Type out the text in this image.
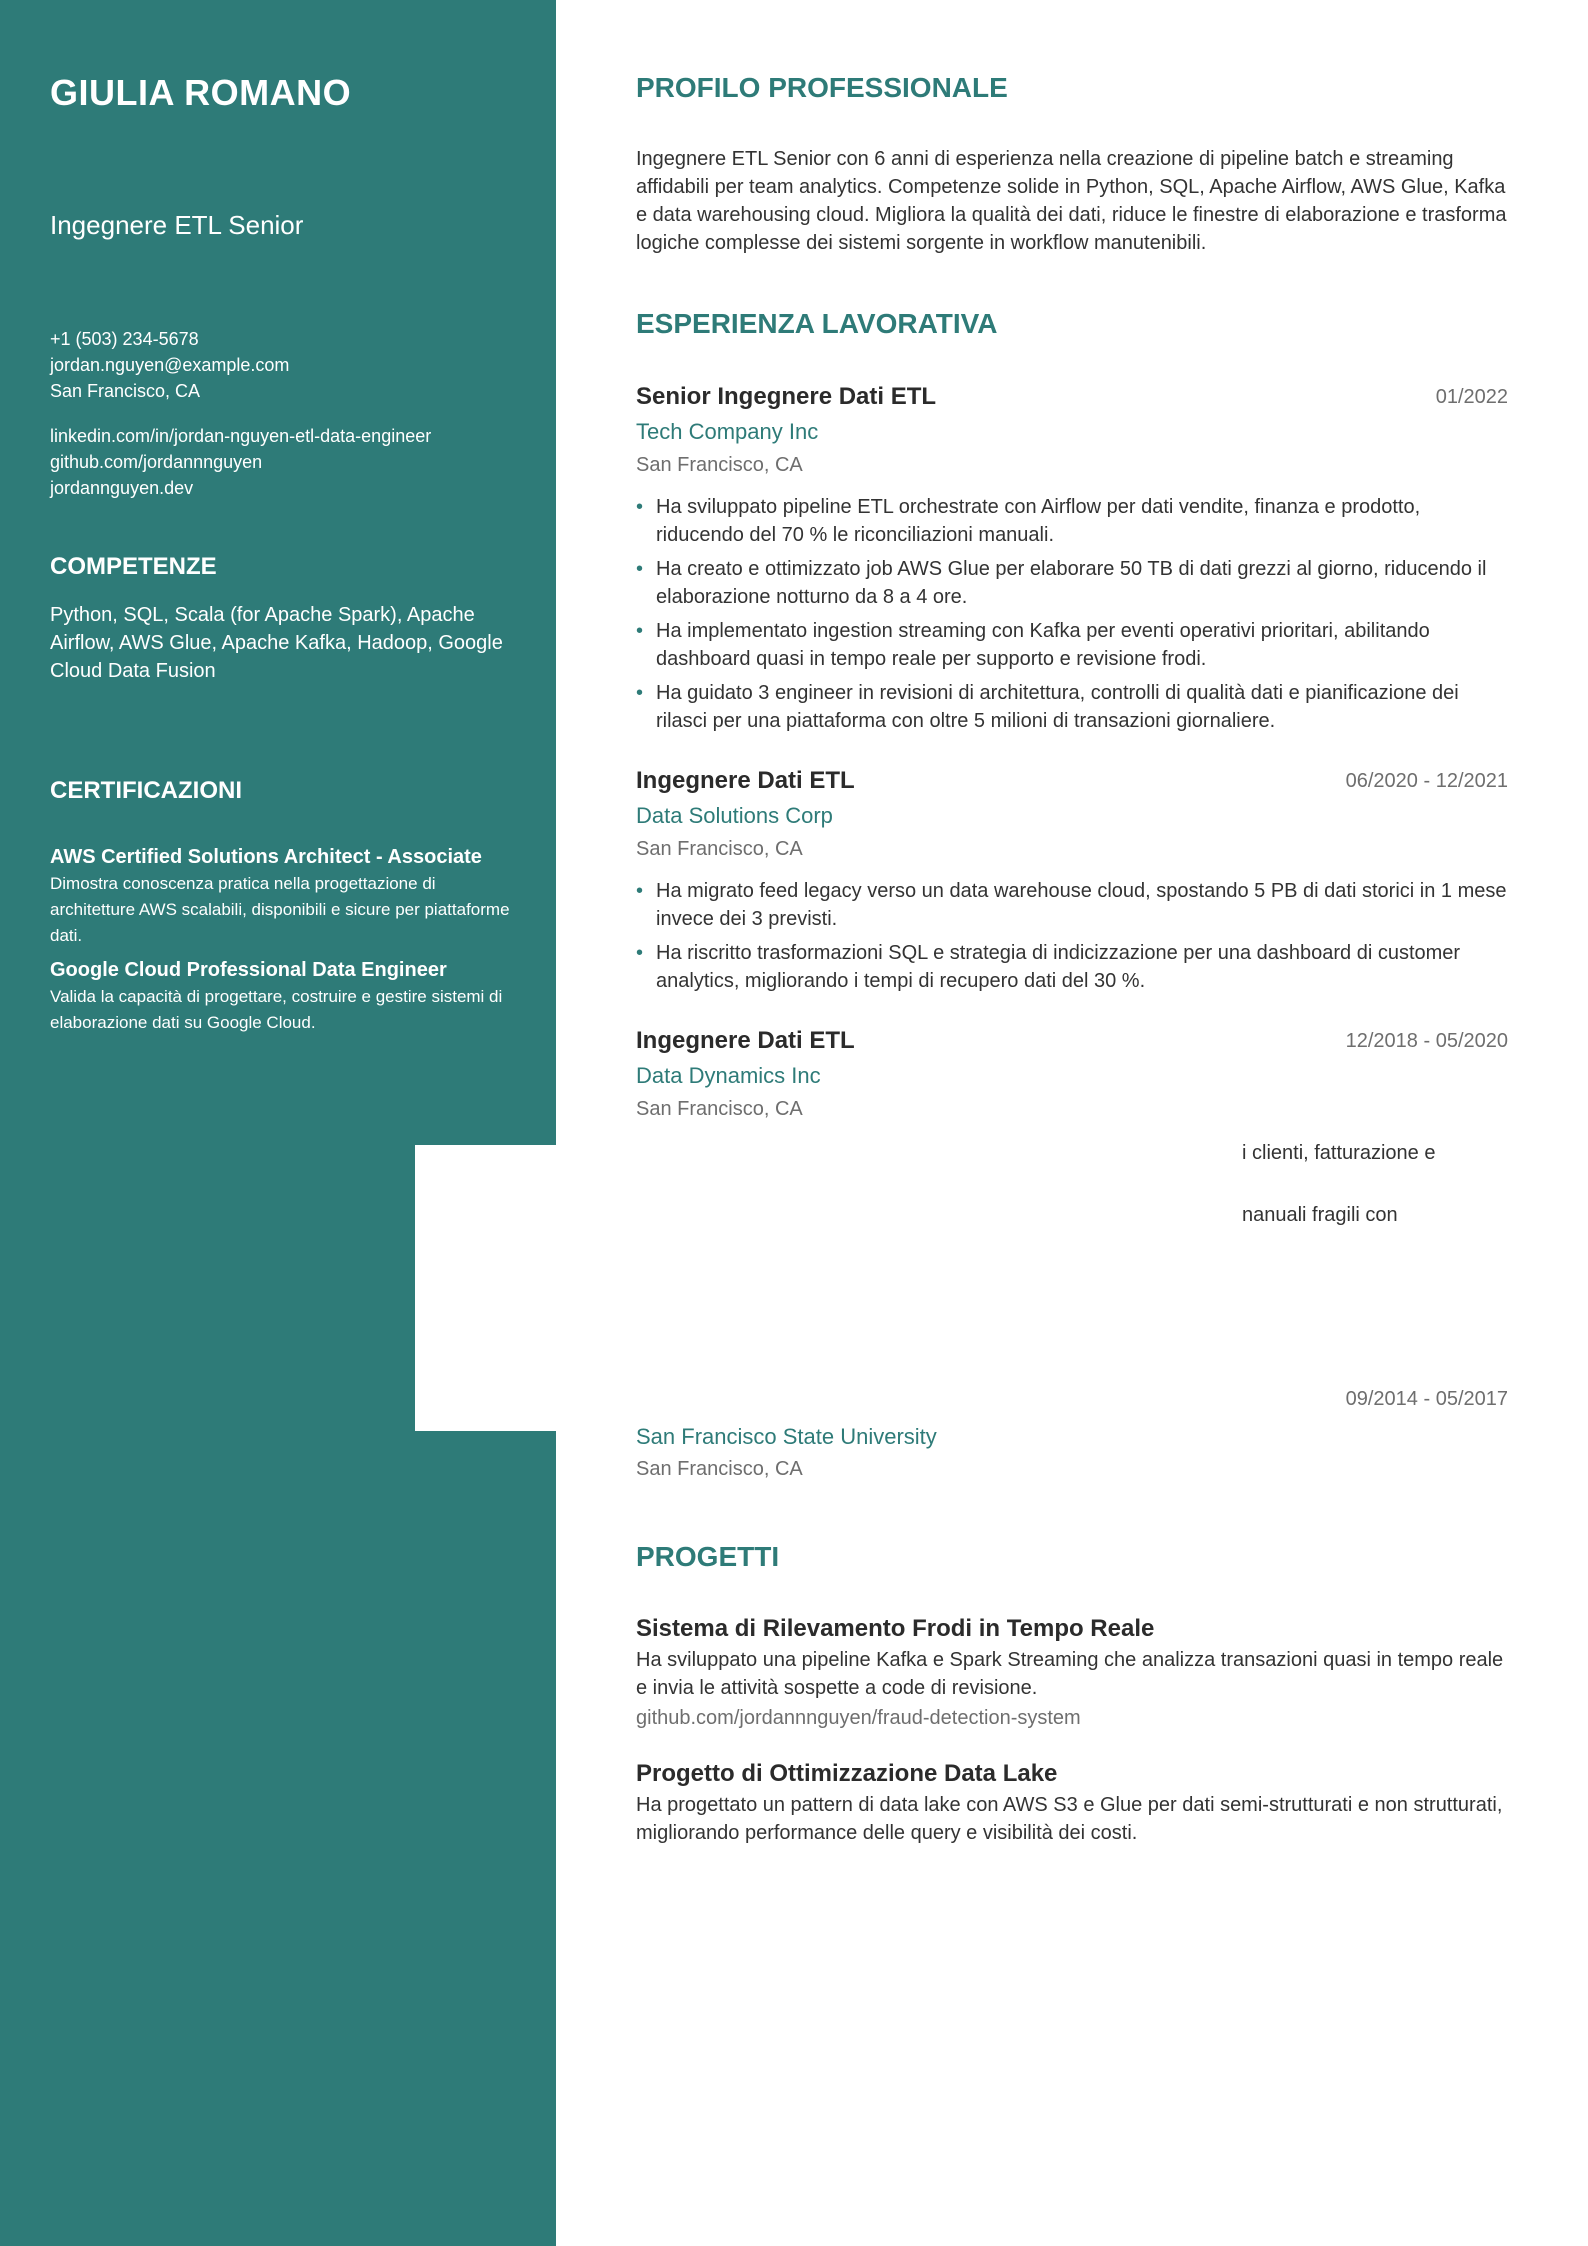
GIULIA ROMANO
Ingegnere ETL Senior
+1 (503) 234-5678
jordan.nguyen@example.com
San Francisco, CA
linkedin.com/in/jordan-nguyen-etl-data-engineer
github.com/jordannnguyen
jordannguyen.dev
COMPETENZE
Python, SQL, Scala (for Apache Spark), Apache Airflow, AWS Glue, Apache Kafka, Hadoop, Google Cloud Data Fusion
CERTIFICAZIONI
AWS Certified Solutions Architect - Associate
Dimostra conoscenza pratica nella progettazione di architetture AWS scalabili, disponibili e sicure per piattaforme dati.
Google Cloud Professional Data Engineer
Valida la capacità di progettare, costruire e gestire sistemi di elaborazione dati su Google Cloud.
PROFILO PROFESSIONALE
Ingegnere ETL Senior con 6 anni di esperienza nella creazione di pipeline batch e streaming affidabili per team analytics. Competenze solide in Python, SQL, Apache Airflow, AWS Glue, Kafka e data warehousing cloud. Migliora la qualità dei dati, riduce le finestre di elaborazione e trasforma logiche complesse dei sistemi sorgente in workflow manutenibili.
ESPERIENZA LAVORATIVA
Senior Ingegnere Dati ETL	01/2022
Tech Company Inc
San Francisco, CA
• Ha sviluppato pipeline ETL orchestrate con Airflow per dati vendite, finanza e prodotto, riducendo del 70 % le riconciliazioni manuali.
• Ha creato e ottimizzato job AWS Glue per elaborare 50 TB di dati grezzi al giorno, riducendo il elaborazione notturno da 8 a 4 ore.
• Ha implementato ingestion streaming con Kafka per eventi operativi prioritari, abilitando dashboard quasi in tempo reale per supporto e revisione frodi.
• Ha guidato 3 engineer in revisioni di architettura, controlli di qualità dati e pianificazione dei rilasci per una piattaforma con oltre 5 milioni di transazioni giornaliere.
Ingegnere Dati ETL	06/2020 - 12/2021
Data Solutions Corp
San Francisco, CA
• Ha migrato feed legacy verso un data warehouse cloud, spostando 5 PB di dati storici in 1 mese invece dei 3 previsti.
• Ha riscritto trasformazioni SQL e strategia di indicizzazione per una dashboard di customer analytics, migliorando i tempi di recupero dati del 30 %.
Ingegnere Dati ETL	12/2018 - 05/2020
Data Dynamics Inc
San Francisco, CA
i clienti, fatturazione e
nanuali fragili con
09/2014 - 05/2017
San Francisco State University
San Francisco, CA
PROGETTI
Sistema di Rilevamento Frodi in Tempo Reale
Ha sviluppato una pipeline Kafka e Spark Streaming che analizza transazioni quasi in tempo reale e invia le attività sospette a code di revisione.
github.com/jordannnguyen/fraud-detection-system
Progetto di Ottimizzazione Data Lake
Ha progettato un pattern di data lake con AWS S3 e Glue per dati semi-strutturati e non strutturati, migliorando performance delle query e visibilità dei costi.
